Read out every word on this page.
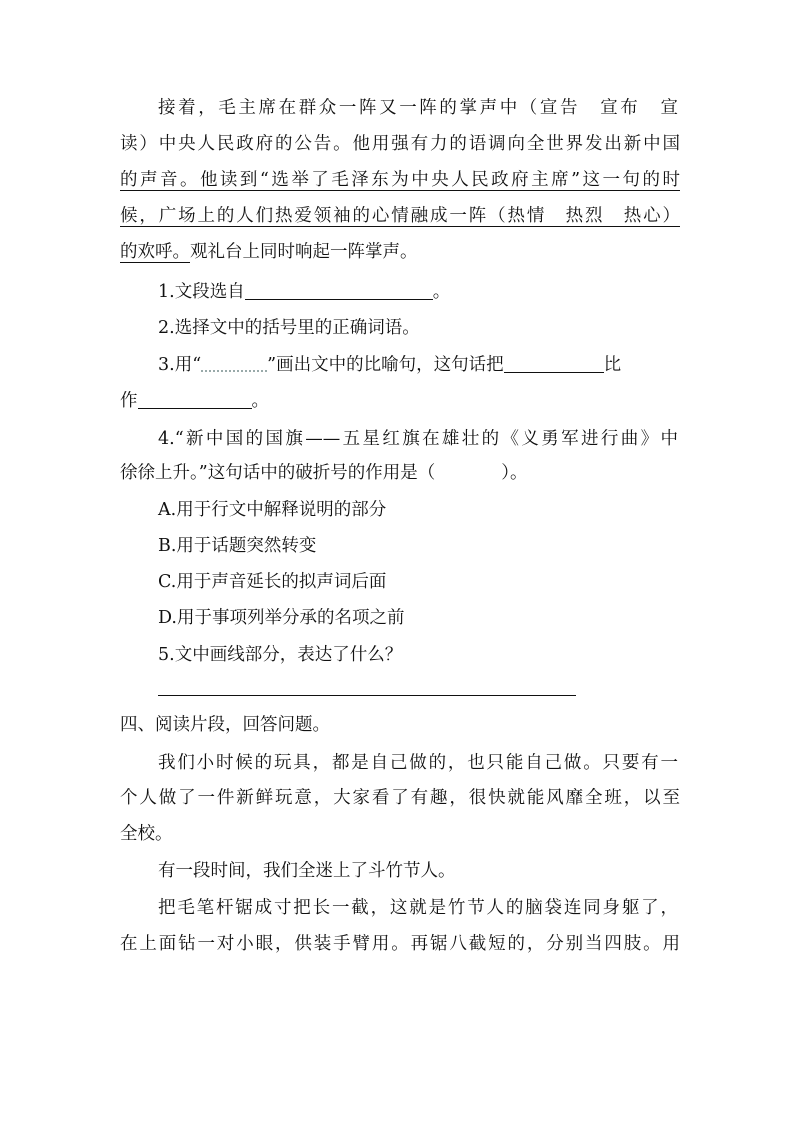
接着，毛主席在群众一阵又一阵的掌声中（宣告　宣布　宣
读）中央人民政府的公告。他用强有力的语调向全世界发出新中国
的声音。他读到“选举了毛泽东为中央人民政府主席”这一句的时
候，广场上的人们热爱领袖的心情融成一阵（热情　热烈　热心）
的欢呼。观礼台上同时响起一阵掌声。
1.文段选自	。
2.选择文中的括号里的正确词语。
3.用“	”画出文中的比喻句，这句话把	比
作	。
4.“新中国的国旗——五星红旗在雄壮的《义勇军进行曲》中
徐徐上升。”这句话中的破折号的作用是（	）。
A.用于行文中解释说明的部分
B.用于话题突然转变
C.用于声音延长的拟声词后面
D.用于事项列举分承的名项之前
5.文中画线部分，表达了什么？
四、阅读片段，回答问题。
我们小时候的玩具，都是自己做的，也只能自己做。只要有一
个人做了一件新鲜玩意，大家看了有趣，很快就能风靡全班，以至
全校。
有一段时间，我们全迷上了斗竹节人。
把毛笔杆锯成寸把长一截，这就是竹节人的脑袋连同身躯了，
在上面钻一对小眼，供装手臂用。再锯八截短的，分别当四肢。用
